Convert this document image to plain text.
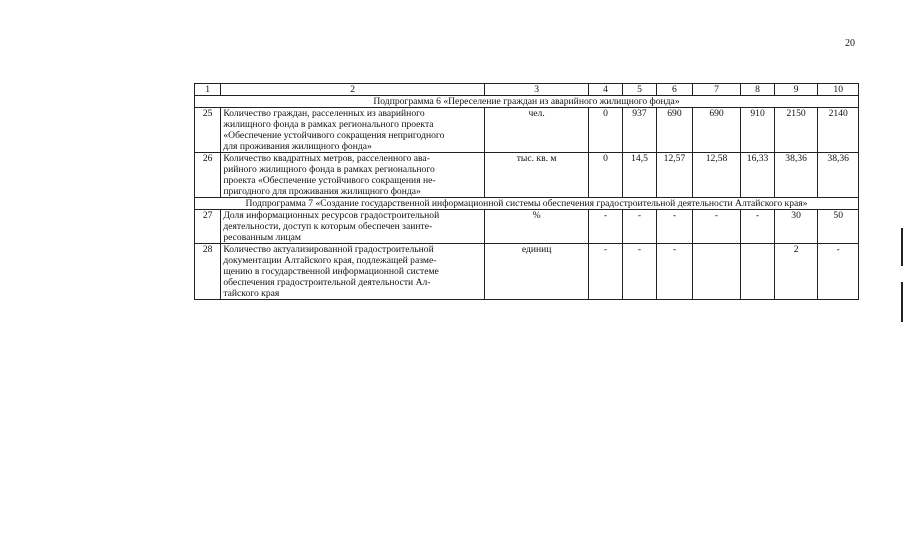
20
1	2	3	4	5	6	7	8	9	10
Подпрограмма 6 «Переселение граждан из аварийного жилищного фонда»									
25	Количество граждан, расселенных из аварийного
жилищного фонда в рамках регионального проекта
«Обеспечение устойчивого сокращения непригодного
для проживания жилищного фонда»	чел.	0	937	690	690	910	2150	2140
26	Количество квадратных метров, расселенного ава-
рийного жилищного фонда в рамках регионального
проекта «Обеспечение устойчивого сокращения не-
пригодного для проживания жилищного фонда»	тыс. кв. м	0	14,5	12,57	12,58	16,33	38,36	38,36
Подпрограмма 7 «Создание государственной информационной системы обеспечения градостроительной деятельности Алтайского края»									
27	Доля информационных ресурсов градостроительной
деятельности, доступ к которым обеспечен заинте-
ресованным лицам	%	-	-	-	-	-	30	50
28	Количество актуализированной градостроительной
документации Алтайского края, подлежащей разме-
щению в государственной информационной системе
обеспечения градостроительной деятельности Ал-
тайского края	единиц	-	-	-			2	-
